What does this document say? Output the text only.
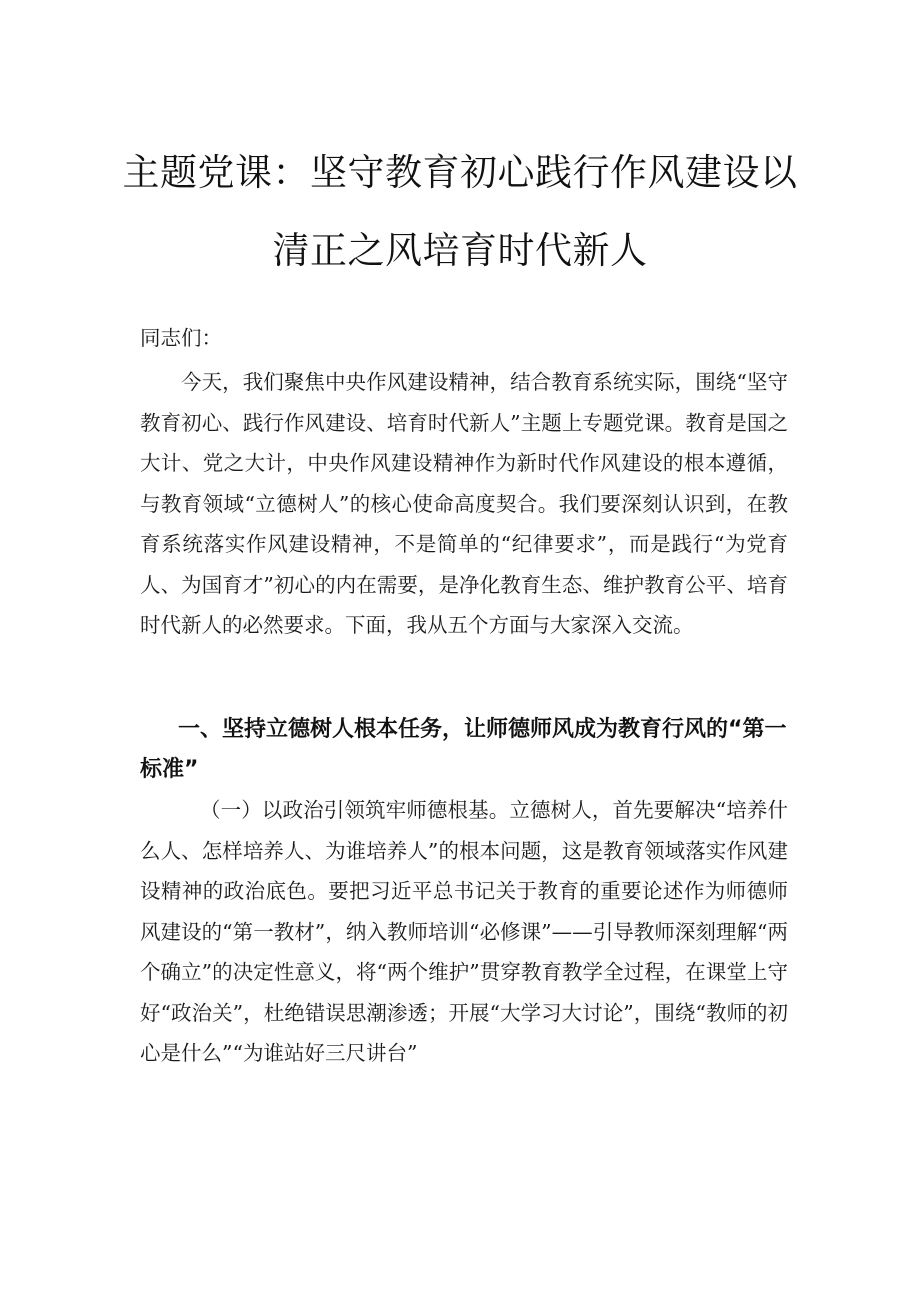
主题党课：坚守教育初心践行作风建设以
清正之风培育时代新人

同志们：

今天，我们聚焦中央作风建设精神，结合教育系统实际，围绕“坚守教育初心、践行作风建设、培育时代新人”主题上专题党课。教育是国之大计、党之大计，中央作风建设精神作为新时代作风建设的根本遵循，与教育领域“立德树人”的核心使命高度契合。我们要深刻认识到，在教育系统落实作风建设精神，不是简单的“纪律要求”，而是践行“为党育人、为国育才”初心的内在需要，是净化教育生态、维护教育公平、培育时代新人的必然要求。下面，我从五个方面与大家深入交流。

一、坚持立德树人根本任务，让师德师风成为教育行风的“第一标准”

（一）以政治引领筑牢师德根基。立德树人，首先要解决“培养什么人、怎样培养人、为谁培养人”的根本问题，这是教育领域落实作风建设精神的政治底色。要把习近平总书记关于教育的重要论述作为师德师风建设的“第一教材”，纳入教师培训“必修课”——引导教师深刻理解“两个确立”的决定性意义，将“两个维护”贯穿教育教学全过程，在课堂上守好“政治关”，杜绝错误思潮渗透；开展“大学习大讨论”，围绕“教师的初心是什么”“为谁站好三尺讲台”
